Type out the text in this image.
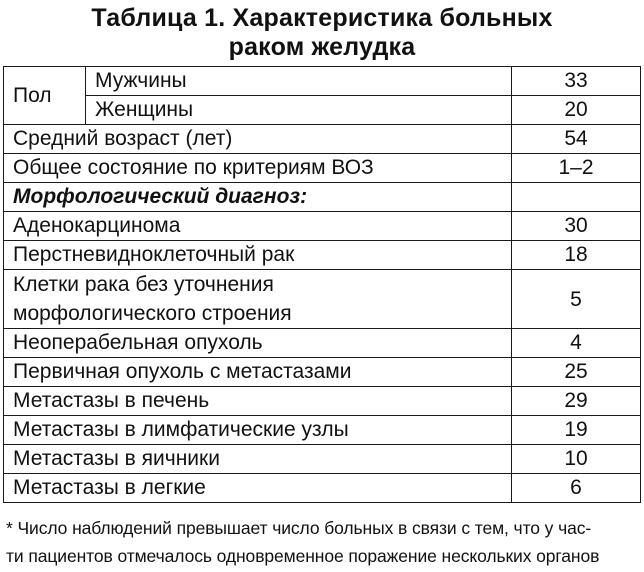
Таблица 1. Характеристика больных
раком желудка
Пол	Мужчины	33
	Женщины	20
Средний возраст (лет)		54
Общее состояние по критериям ВОЗ		1–2
Морфологический диагноз:		
Аденокарцинома		30
Перстневидноклеточный рак		18

Клетки рака без уточнения
морфологического строения		5
Неоперабельная опухоль		4
Первичная опухоль с метастазами		25
Метастазы в печень		29
Метастазы в лимфатические узлы		19
Метастазы в яичники		10
Метастазы в легкие		6
* Число наблюдений превышает число больных в связи с тем, что у час-
ти пациентов отмечалось одновременное поражение нескольких органов
